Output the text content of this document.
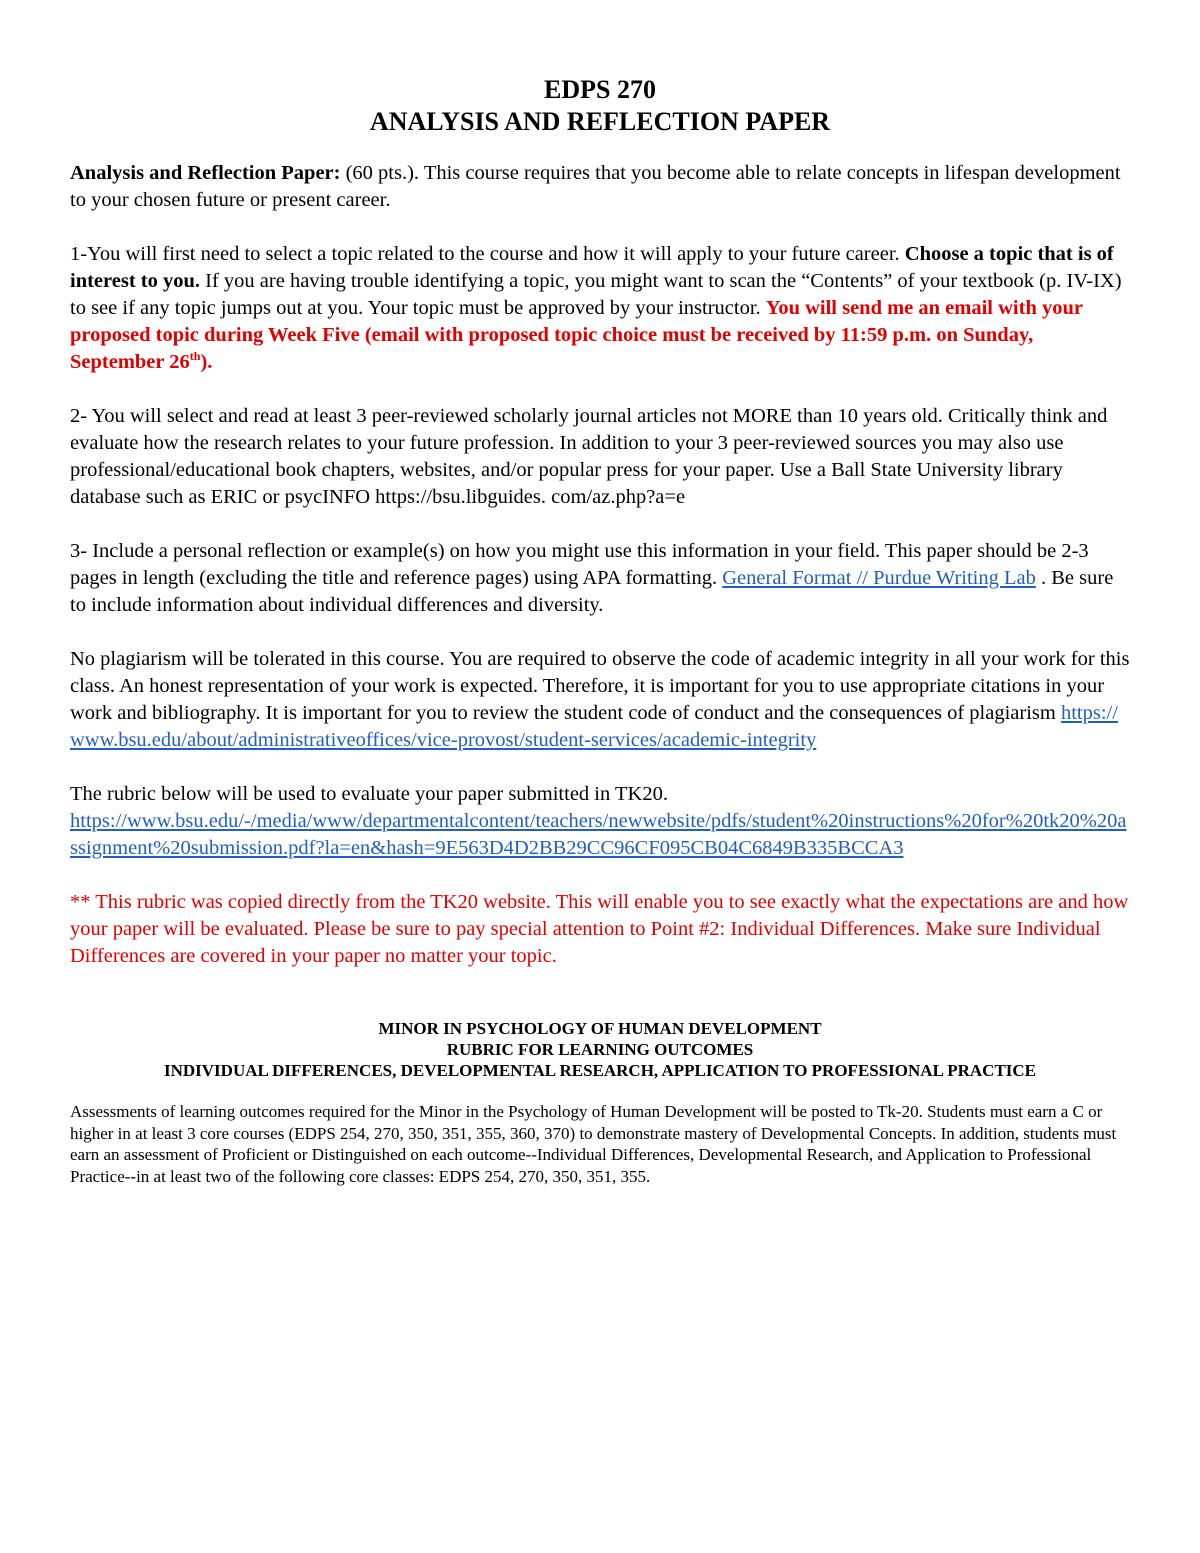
EDPS 270
ANALYSIS AND REFLECTION PAPER

Analysis and Reflection Paper: (60 pts.). This course requires that you become able to relate concepts in lifespan development to your chosen future or present career.

1-You will first need to select a topic related to the course and how it will apply to your future career. Choose a topic that is of interest to you. If you are having trouble identifying a topic, you might want to scan the “Contents” of your textbook (p. IV-IX) to see if any topic jumps out at you. Your topic must be approved by your instructor. You will send me an email with your proposed topic during Week Five (email with proposed topic choice must be received by 11:59 p.m. on Sunday, September 26th).

2- You will select and read at least 3 peer-reviewed scholarly journal articles not MORE than 10 years old. Critically think and evaluate how the research relates to your future profession. In addition to your 3 peer-reviewed sources you may also use professional/educational book chapters, websites, and/or popular press for your paper. Use a Ball State University library database such as ERIC or psycINFO https://bsu.libguides. com/az.php?a=e

3- Include a personal reflection or example(s) on how you might use this information in your field. This paper should be 2-3 pages in length (excluding the title and reference pages) using APA formatting. General Format // Purdue Writing Lab . Be sure to include information about individual differences and diversity.

No plagiarism will be tolerated in this course. You are required to observe the code of academic integrity in all your work for this class. An honest representation of your work is expected. Therefore, it is important for you to use appropriate citations in your work and bibliography. It is important for you to review the student code of conduct and the consequences of plagiarism https://www.bsu.edu/about/administrativeoffices/vice-provost/student-services/academic-integrity

The rubric below will be used to evaluate your paper submitted in TK20.
https://www.bsu.edu/-/media/www/departmentalcontent/teachers/newwebsite/pdfs/student%20instructions%20for%20tk20%20assignment%20submission.pdf?la=en&hash=9E563D4D2BB29CC96CF095CB04C6849B335BCCA3

** This rubric was copied directly from the TK20 website. This will enable you to see exactly what the expectations are and how your paper will be evaluated. Please be sure to pay special attention to Point #2: Individual Differences. Make sure Individual Differences are covered in your paper no matter your topic.

MINOR IN PSYCHOLOGY OF HUMAN DEVELOPMENT

RUBRIC FOR LEARNING OUTCOMES

INDIVIDUAL DIFFERENCES, DEVELOPMENTAL RESEARCH, APPLICATION TO PROFESSIONAL PRACTICE

Assessments of learning outcomes required for the Minor in the Psychology of Human Development will be posted to Tk-20. Students must earn a C or higher in at least 3 core courses (EDPS 254, 270, 350, 351, 355, 360, 370) to demonstrate mastery of Developmental Concepts. In addition, students must earn an assessment of Proficient or Distinguished on each outcome--Individual Differences, Developmental Research, and Application to Professional Practice--in at least two of the following core classes: EDPS 254, 270, 350, 351, 355.
